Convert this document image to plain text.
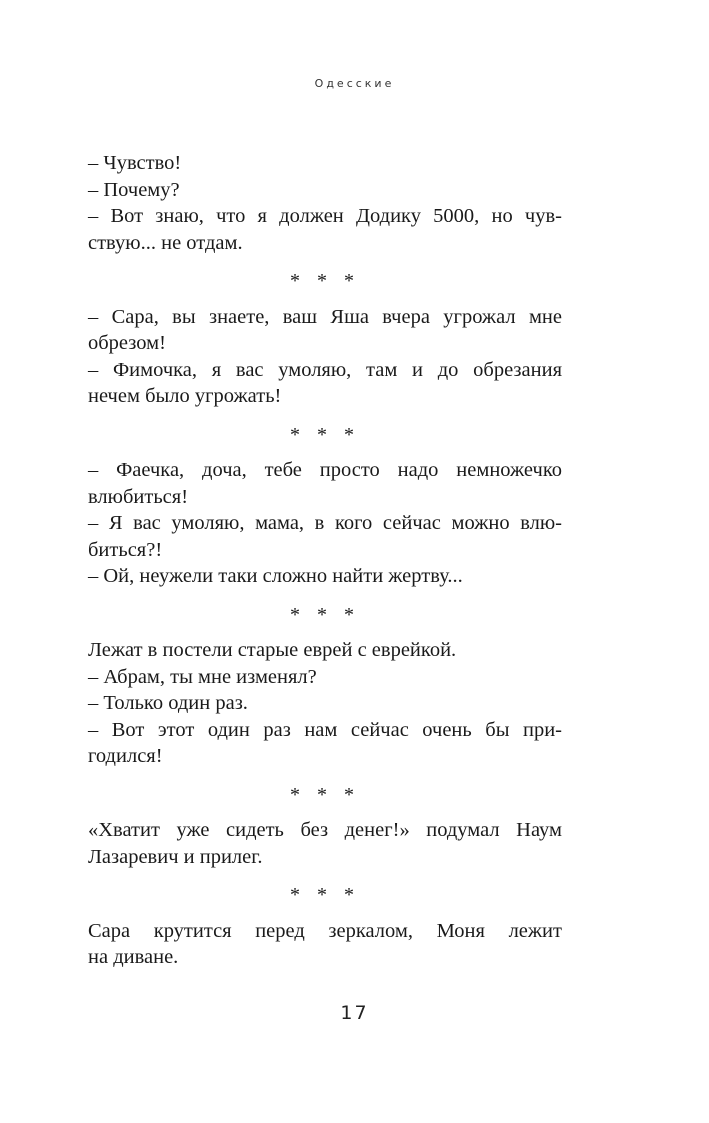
Одесские
– Чувство!
– Почему?
– Вот знаю, что я должен Додику 5000, но чув-
ствую... не отдам.
* * *
– Сара, вы знаете, ваш Яша вчера угрожал мне
обрезом!
– Фимочка, я вас умоляю, там и до обрезания
нечем было угрожать!
* * *
– Фаечка, доча, тебе просто надо немножечко
влюбиться!
– Я вас умоляю, мама, в кого сейчас можно влю-
биться?!
– Ой, неужели таки сложно найти жертву...
* * *
Лежат в постели старые еврей с еврейкой.
– Абрам, ты мне изменял?
– Только один раз.
– Вот этот один раз нам сейчас очень бы при-
годился!
* * *
«Хватит уже сидеть без денег!» подумал Наум
Лазаревич и прилег.
* * *
Сара крутится перед зеркалом, Моня лежит
на диване.
17
